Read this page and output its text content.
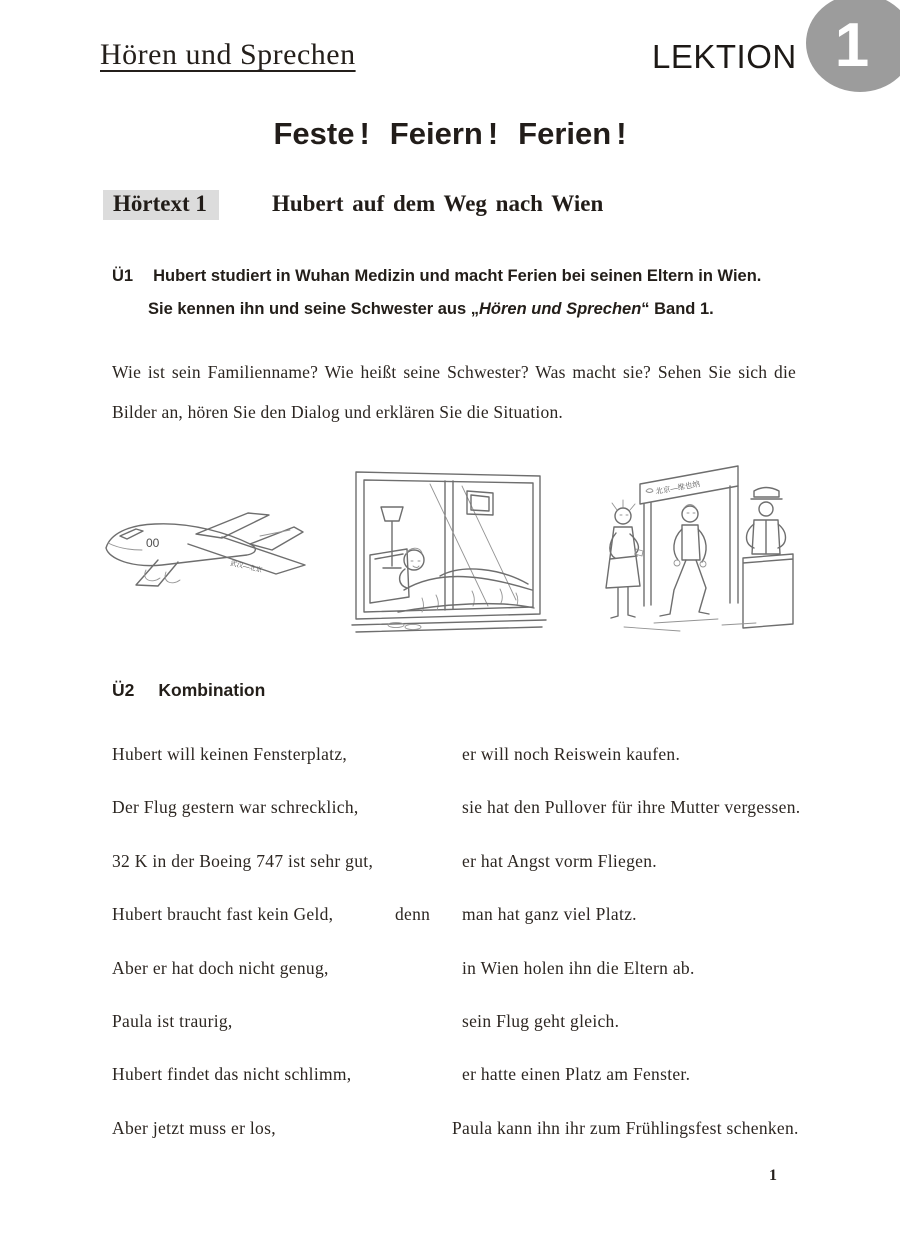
Hören und Sprechen	LEKTION 1
Feste ! Feiern ! Ferien !
Hörtext 1	Hubert auf dem Weg nach Wien
Ü1 Hubert studiert in Wuhan Medizin und macht Ferien bei seinen Eltern in Wien.
Sie kennen ihn und seine Schwester aus „Hören und Sprechen“ Band 1.
Wie ist sein Familienname? Wie heißt seine Schwester? Was macht sie? Sehen Sie sich die Bilder an, hören Sie den Dialog und erklären Sie die Situation.
00
武汉—北京
北京—维也纳
Ü2 Kombination
Hubert will keinen Fensterplatz,	er will noch Reiswein kaufen.
Der Flug gestern war schrecklich,	sie hat den Pullover für ihre Mutter vergessen.
32 K in der Boeing 747 ist sehr gut,	er hat Angst vorm Fliegen.
Hubert braucht fast kein Geld,	denn man hat ganz viel Platz.
Aber er hat doch nicht genug,	in Wien holen ihn die Eltern ab.
Paula ist traurig,	sein Flug geht gleich.
Hubert findet das nicht schlimm,	er hatte einen Platz am Fenster.
Aber jetzt muss er los,	Paula kann ihn ihr zum Frühlingsfest schenken.
1
